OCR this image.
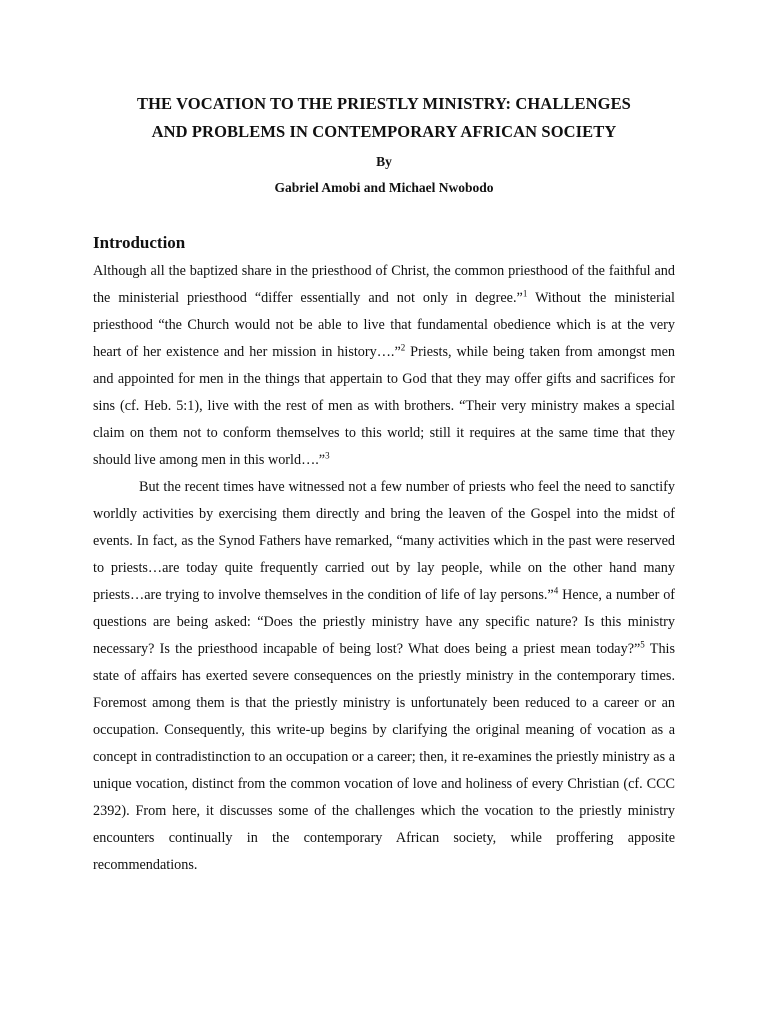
THE VOCATION TO THE PRIESTLY MINISTRY: CHALLENGES
AND PROBLEMS IN CONTEMPORARY AFRICAN SOCIETY
By
Gabriel Amobi and Michael Nwobodo
Introduction

Although all the baptized share in the priesthood of Christ, the common priesthood of the faithful and the ministerial priesthood “differ essentially and not only in degree.”$^1$ Without the ministerial priesthood “the Church would not be able to live that fundamental obedience which is at the very heart of her existence and her mission in history….”$^2$ Priests, while being taken from amongst men and appointed for men in the things that appertain to God that they may offer gifts and sacrifices for sins (cf. Heb. 5:1), live with the rest of men as with brothers. “Their very ministry makes a special claim on them not to conform themselves to this world; still it requires at the same time that they should live among men in this world….”$^3$

But the recent times have witnessed not a few number of priests who feel the need to sanctify worldly activities by exercising them directly and bring the leaven of the Gospel into the midst of events. In fact, as the Synod Fathers have remarked, “many activities which in the past were reserved to priests…are today quite frequently carried out by lay people, while on the other hand many priests…are trying to involve themselves in the condition of life of lay persons.”$^4$ Hence, a number of questions are being asked: “Does the priestly ministry have any specific nature? Is this ministry necessary? Is the priesthood incapable of being lost? What does being a priest mean today?”$^5$ This state of affairs has exerted severe consequences on the priestly ministry in the contemporary times. Foremost among them is that the priestly ministry is unfortunately been reduced to a career or an occupation. Consequently, this write-up begins by clarifying the original meaning of vocation as a concept in contradistinction to an occupation or a career; then, it re-examines the priestly ministry as a unique vocation, distinct from the common vocation of love and holiness of every Christian (cf. CCC 2392). From here, it discusses some of the challenges which the vocation to the priestly ministry encounters continually in the contemporary African society, while proffering apposite recommendations.
